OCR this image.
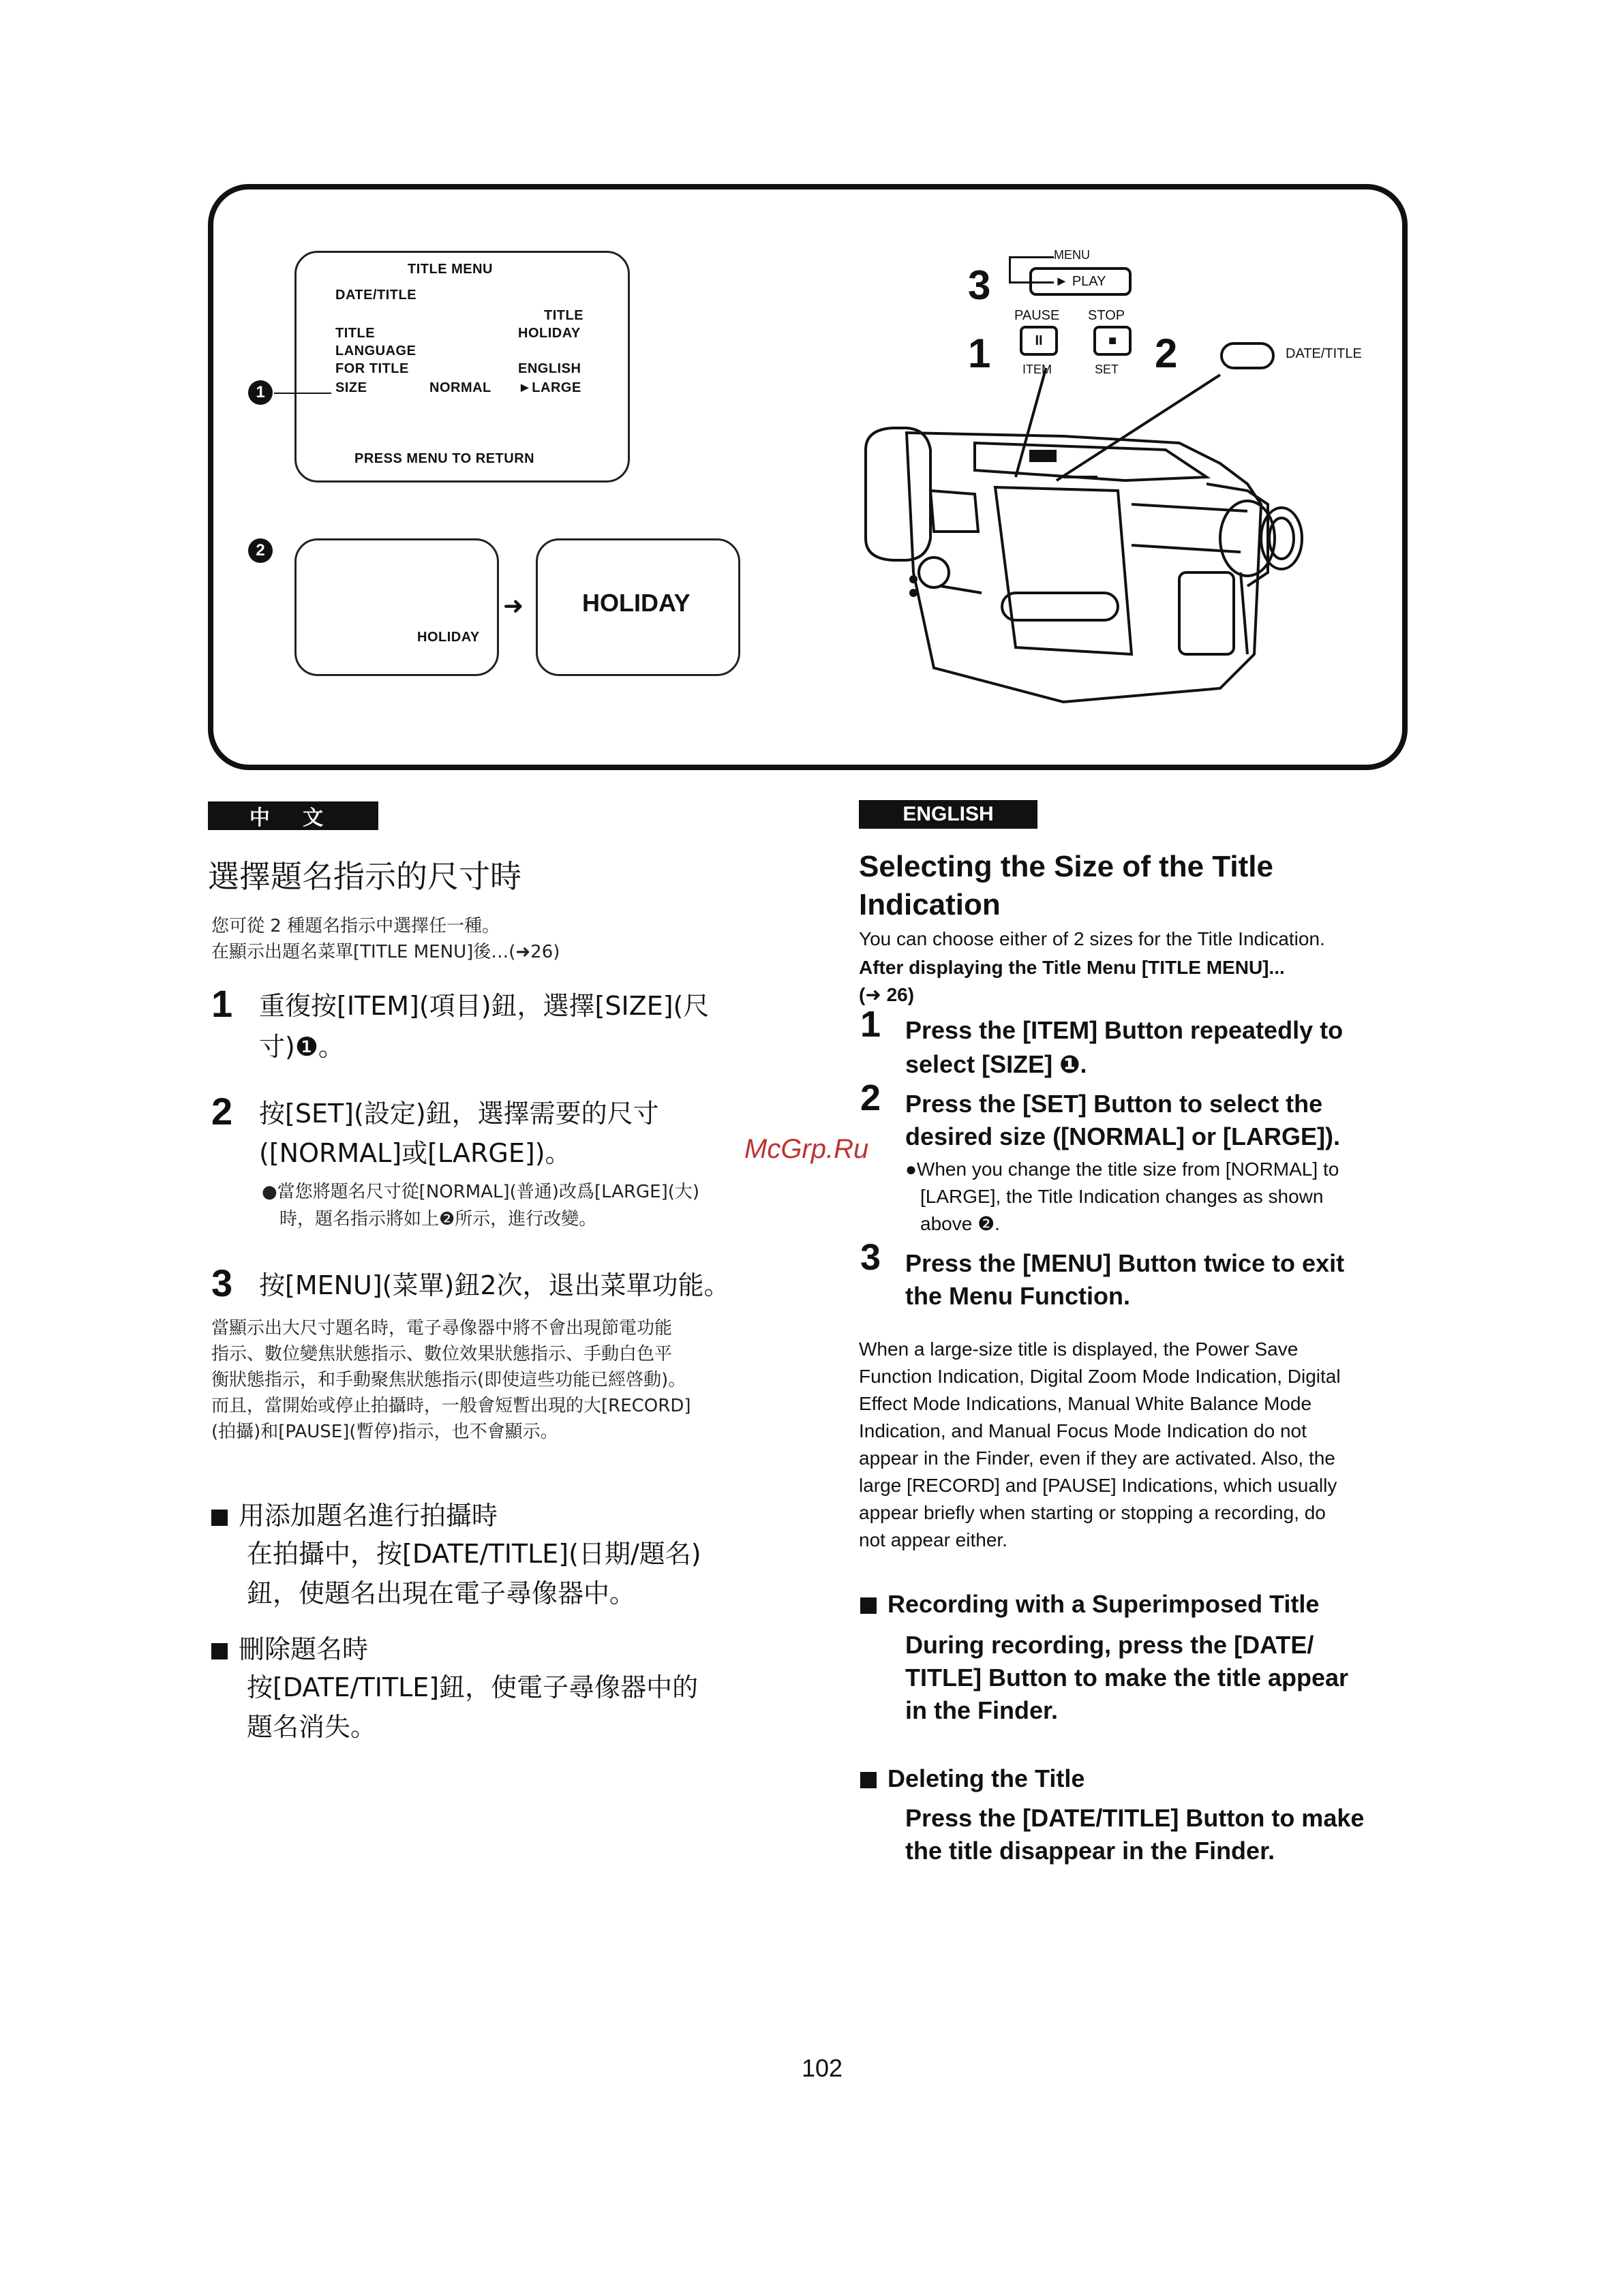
TITLE MENU
DATE/TITLE
TITLE
TITLE	HOLIDAY
LANGUAGE
FOR TITLE	ENGLISH
SIZE	NORMAL ►LARGE
PRESS MENU TO RETURN
1
2
HOLIDAY
➜ HOLIDAY
3
MENU
► PLAY
PAUSE STOP
1	II	■ 2
ITEM	SET
DATE/TITLE
中 文
選擇題名指示的尺寸時
您可從 2 種題名指示中選擇任一種。
在顯示出題名菜單[TITLE MENU]後…(➜26)
1 重復按[ITEM](項目)鈕，選擇[SIZE](尺
寸)❶。
2 按[SET](設定)鈕，選擇需要的尺寸
([NORMAL]或[LARGE])。
●當您將題名尺寸從[NORMAL](普通)改爲[LARGE](大)
時，題名指示將如上❷所示，進行改變。
3 按[MENU](菜單)鈕2次，退出菜單功能。
當顯示出大尺寸題名時，電子尋像器中將不會出現節電功能
指示、數位變焦狀態指示、數位效果狀態指示、手動白色平
衡狀態指示，和手動聚焦狀態指示(即使這些功能已經啓動)。
而且，當開始或停止拍攝時，一般會短暫出現的大[RECORD]
(拍攝)和[PAUSE](暫停)指示，也不會顯示。
用添加題名進行拍攝時
在拍攝中，按[DATE/TITLE](日期/題名)
鈕，使題名出現在電子尋像器中。
刪除題名時
按[DATE/TITLE]鈕，使電子尋像器中的
題名消失。
McGrp.Ru
ENGLISH
Selecting the Size of the Title
Indication
You can choose either of 2 sizes for the Title Indication.
After displaying the Title Menu [TITLE MENU]...
(➜ 26)
1 Press the [ITEM] Button repeatedly to
select [SIZE] ❶.
2 Press the [SET] Button to select the
desired size ([NORMAL] or [LARGE]).
●When you change the title size from [NORMAL] to
[LARGE], the Title Indication changes as shown
above ❷.
3 Press the [MENU] Button twice to exit
the Menu Function.
When a large-size title is displayed, the Power Save
Function Indication, Digital Zoom Mode Indication, Digital
Effect Mode Indications, Manual White Balance Mode
Indication, and Manual Focus Mode Indication do not
appear in the Finder, even if they are activated. Also, the
large [RECORD] and [PAUSE] Indications, which usually
appear briefly when starting or stopping a recording, do
not appear either.
Recording with a Superimposed Title
During recording, press the [DATE/
TITLE] Button to make the title appear
in the Finder.
Deleting the Title
Press the [DATE/TITLE] Button to make
the title disappear in the Finder.
102
